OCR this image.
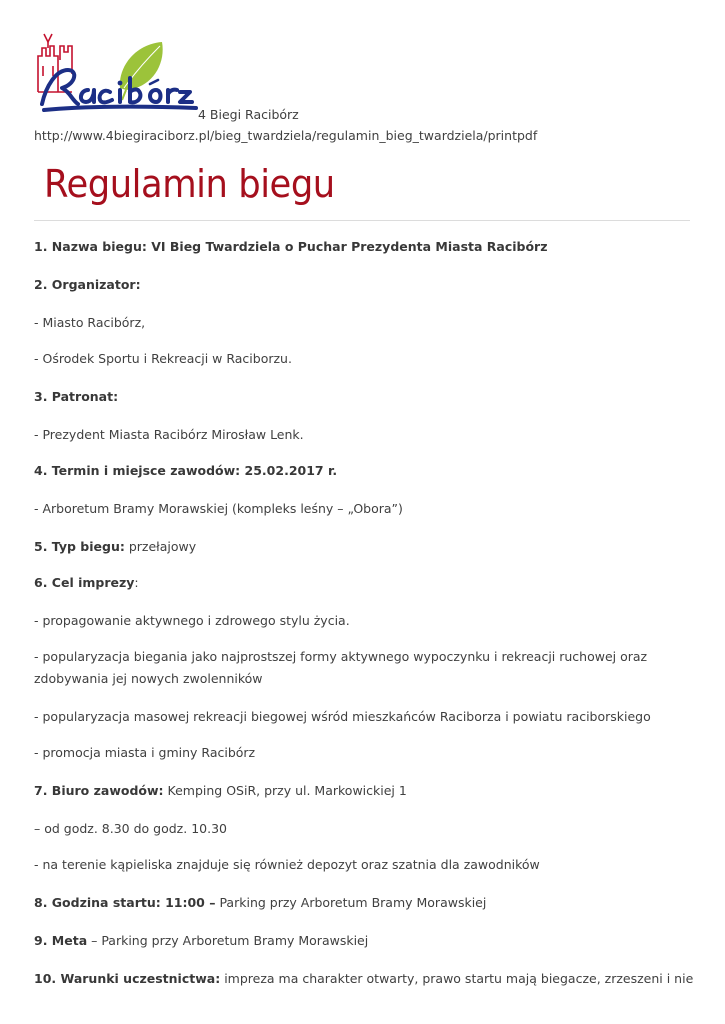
4 Biegi Racibórz
http://www.4biegiraciborz.pl/bieg_twardziela/regulamin_bieg_twardziela/printpdf
Regulamin biegu
1. Nazwa biegu: VI Bieg Twardziela o Puchar Prezydenta Miasta Racibórz
2. Organizator:
- Miasto Racibórz,
- Ośrodek Sportu i Rekreacji w Raciborzu.
3. Patronat:
- Prezydent Miasta Racibórz Mirosław Lenk.
4. Termin i miejsce zawodów: 25.02.2017 r.
- Arboretum Bramy Morawskiej (kompleks leśny – „Obora”)
5. Typ biegu: przełajowy
6. Cel imprezy:
- propagowanie aktywnego i zdrowego stylu życia.
- popularyzacja biegania jako najprostszej formy aktywnego wypoczynku i rekreacji ruchowej oraz zdobywania jej nowych zwolenników
- popularyzacja masowej rekreacji biegowej wśród mieszkańców Raciborza i powiatu raciborskiego
- promocja miasta i gminy Racibórz
7. Biuro zawodów: Kemping OSiR, przy ul. Markowickiej 1
– od godz. 8.30 do godz. 10.30
- na terenie kąpieliska znajduje się również depozyt oraz szatnia dla zawodników
8. Godzina startu: 11:00 – Parking przy Arboretum Bramy Morawskiej
9. Meta – Parking przy Arboretum Bramy Morawskiej
10. Warunki uczestnictwa: impreza ma charakter otwarty, prawo startu mają biegacze, zrzeszeni i nie
